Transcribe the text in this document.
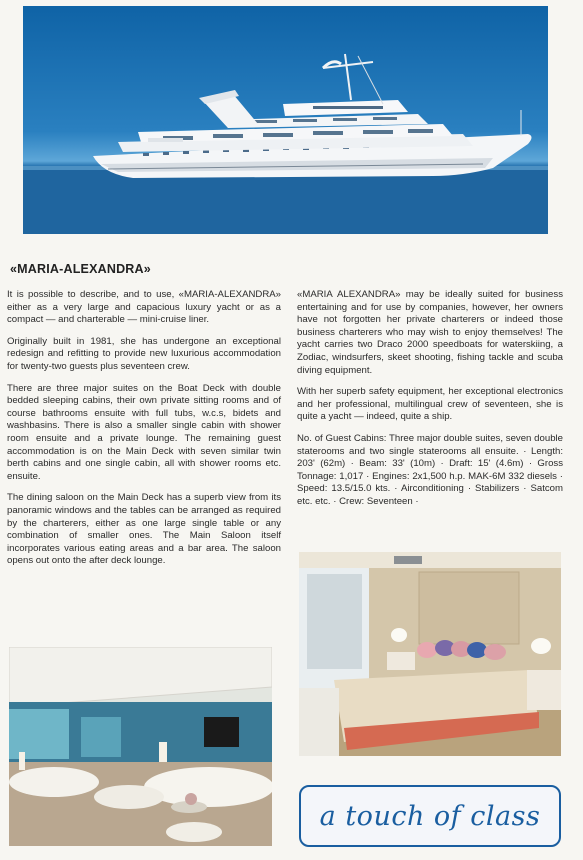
«MARIA-ALEXANDRA»

It is possible to describe, and to use, «MARIA-ALEXANDRA» either as a very large and capacious luxury yacht or as a compact — and charterable — mini-cruise liner.

Originally built in 1981, she has undergone an exceptional redesign and refitting to provide new luxurious accommodation for twenty-two guests plus seventeen crew.

There are three major suites on the Boat Deck with double bedded sleeping cabins, their own private sitting rooms and of course bathrooms ensuite with full tubs, w.c.s, bidets and washbasins. There is also a smaller single cabin with shower room ensuite and a private lounge. The remaining guest accommodation is on the Main Deck with seven similar twin berth cabins and one single cabin, all with shower rooms etc. ensuite.

The dining saloon on the Main Deck has a superb view from its panoramic windows and the tables can be arranged as required by the charterers, either as one large single table or any combination of smaller ones. The Main Saloon itself incorporates various eating areas and a bar area. The saloon opens out onto the after deck lounge.

«MARIA ALEXANDRA» may be ideally suited for business entertaining and for use by companies, however, her owners have not forgotten her private charterers or indeed those business charterers who may wish to enjoy themselves! The yacht carries two Draco 2000 speedboats for waterskiing, a Zodiac, windsurfers, skeet shooting, fishing tackle and scuba diving equipment.

With her superb safety equipment, her exceptional electronics and her professional, multilingual crew of seventeen, she is quite a yacht — indeed, quite a ship.

No. of Guest Cabins: Three major double suites, seven double staterooms and two single staterooms all ensuite. · Length: 203' (62m) · Beam: 33' (10m) · Draft: 15' (4.6m) · Gross Tonnage: 1,017 · Engines: 2x1,500 h.p. MAK-6M 332 diesels · Speed: 13.5/15.0 kts. · Airconditioning · Stabilizers · Satcom etc. etc. · Crew: Seventeen ·

a touch of class
